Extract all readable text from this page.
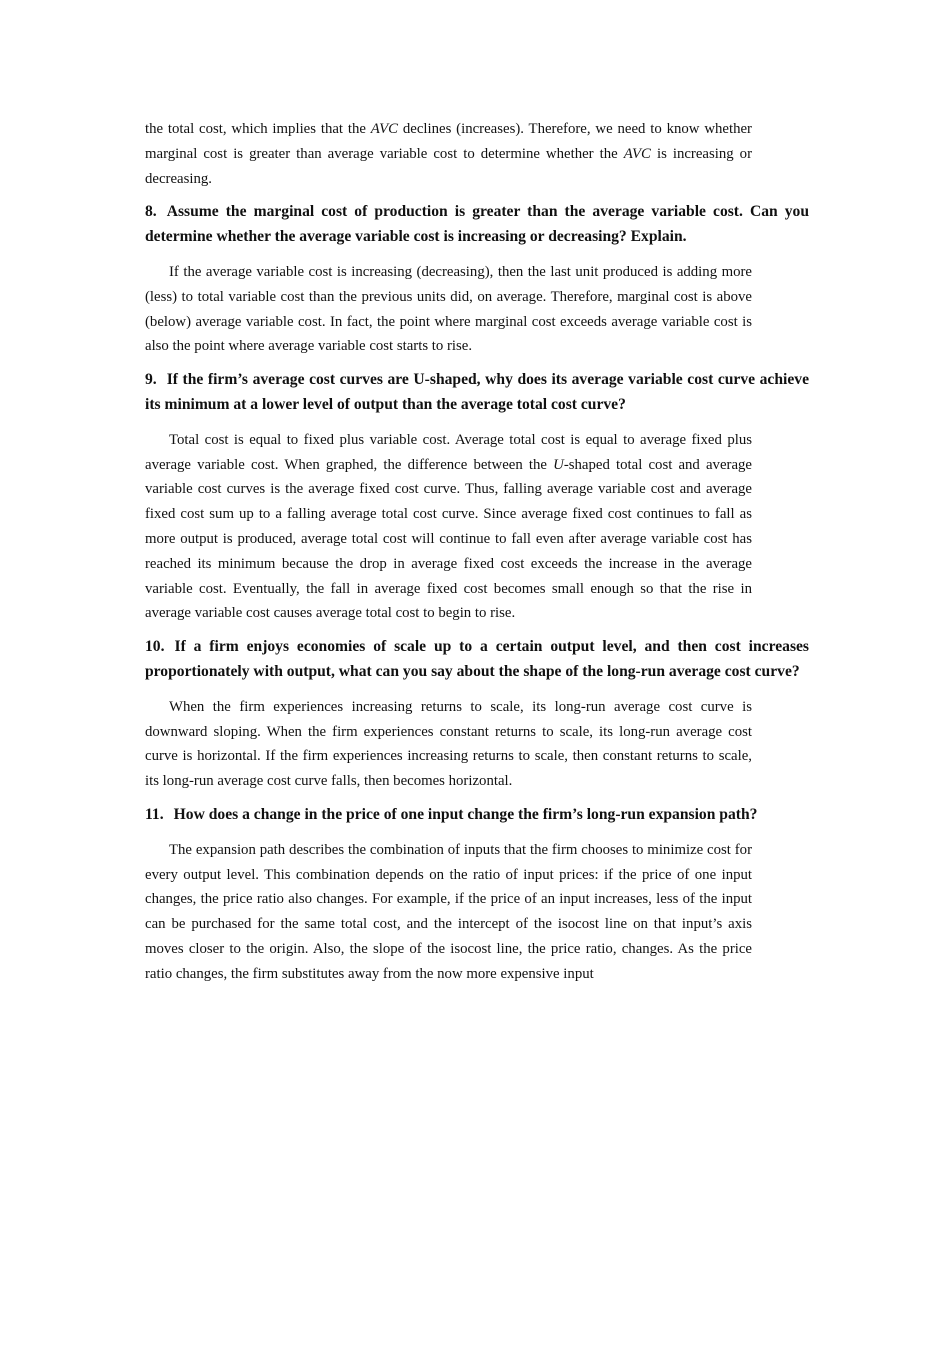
the total cost, which implies that the AVC declines (increases). Therefore, we need to know whether marginal cost is greater than average variable cost to determine whether the AVC is increasing or decreasing.

8. Assume the marginal cost of production is greater than the average variable cost. Can you determine whether the average variable cost is increasing or decreasing? Explain.

If the average variable cost is increasing (decreasing), then the last unit produced is adding more (less) to total variable cost than the previous units did, on average. Therefore, marginal cost is above (below) average variable cost. In fact, the point where marginal cost exceeds average variable cost is also the point where average variable cost starts to rise.

9. If the firm’s average cost curves are U-shaped, why does its average variable cost curve achieve its minimum at a lower level of output than the average total cost curve?

Total cost is equal to fixed plus variable cost. Average total cost is equal to average fixed plus average variable cost. When graphed, the difference between the U-shaped total cost and average variable cost curves is the average fixed cost curve. Thus, falling average variable cost and average fixed cost sum up to a falling average total cost curve. Since average fixed cost continues to fall as more output is produced, average total cost will continue to fall even after average variable cost has reached its minimum because the drop in average fixed cost exceeds the increase in the average variable cost. Eventually, the fall in average fixed cost becomes small enough so that the rise in average variable cost causes average total cost to begin to rise.

10. If a firm enjoys economies of scale up to a certain output level, and then cost increases proportionately with output, what can you say about the shape of the long-run average cost curve?

When the firm experiences increasing returns to scale, its long-run average cost curve is downward sloping. When the firm experiences constant returns to scale, its long-run average cost curve is horizontal. If the firm experiences increasing returns to scale, then constant returns to scale, its long-run average cost curve falls, then becomes horizontal.

11. How does a change in the price of one input change the firm’s long-run expansion path?

The expansion path describes the combination of inputs that the firm chooses to minimize cost for every output level. This combination depends on the ratio of input prices: if the price of one input changes, the price ratio also changes. For example, if the price of an input increases, less of the input can be purchased for the same total cost, and the intercept of the isocost line on that input’s axis moves closer to the origin. Also, the slope of the isocost line, the price ratio, changes. As the price ratio changes, the firm substitutes away from the now more expensive input
